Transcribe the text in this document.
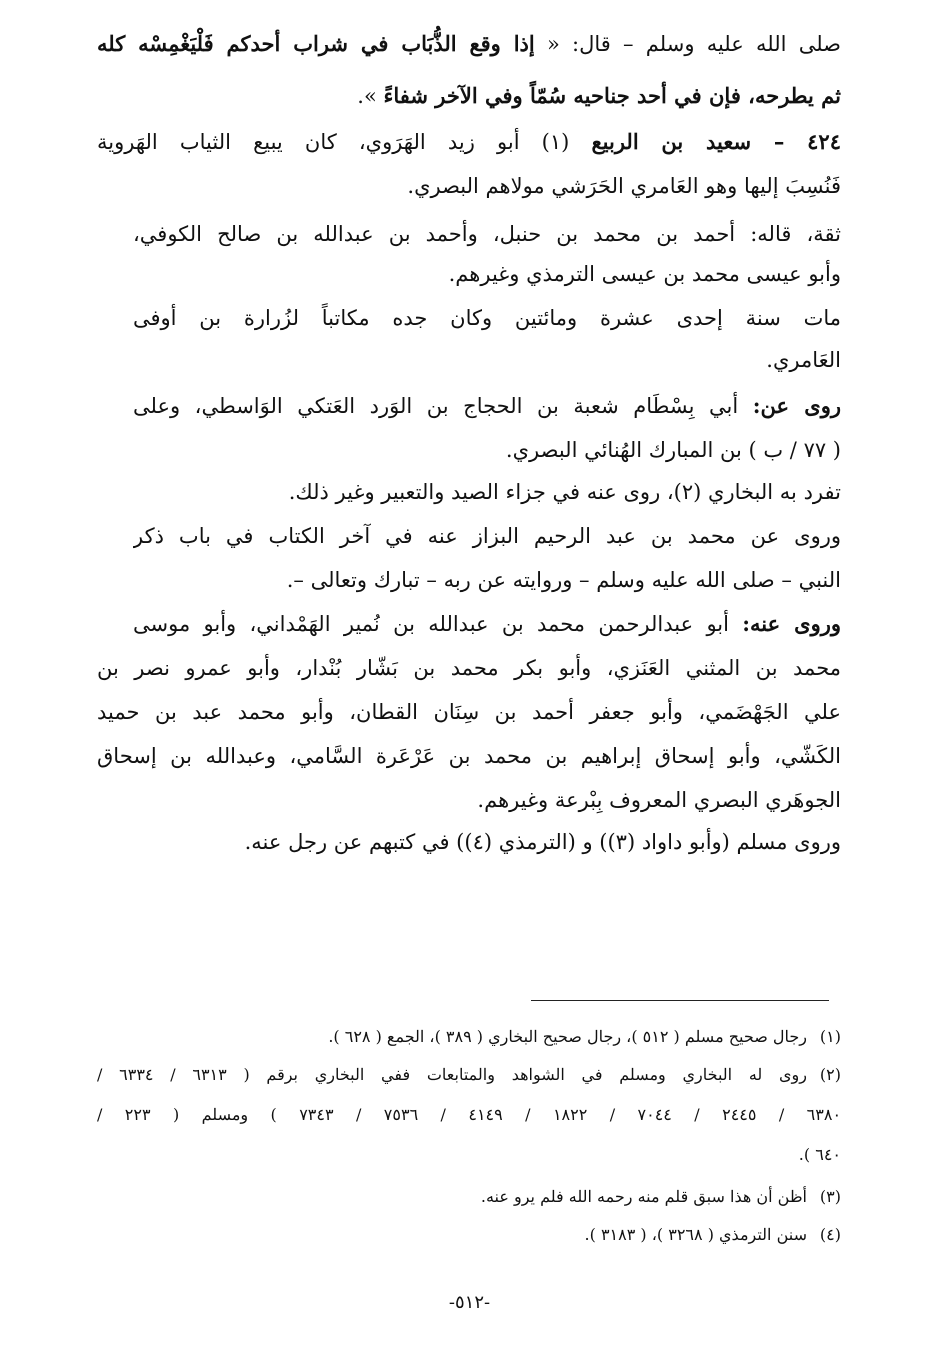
صلى الله عليه وسلم – قال: « إذا وقع الذُّبَاب في شراب أحدكم فَلْيَغْمِسْه كله
ثم يطرحه، فإن في أحد جناحيه سُمّاً وفي الآخر شفاءً ».
٤٢٤ – سعيد بن الربيع (١) أبو زيد الهَرَوي، كان يبيع الثياب الهَروية
فَنُسِبَ إليها وهو العَامري الحَرَشي مولاهم البصري.
ثقة، قاله: أحمد بن محمد بن حنبل، وأحمد بن عبدالله بن صالح الكوفي،
وأبو عيسى محمد بن عيسى الترمذي وغيرهم.
مات سنة إحدى عشرة ومائتين وكان جده مكاتباً لزُرارة بن أوفى
العَامري.
روى عن: أبي بِسْطَام شعبة بن الحجاج بن الوَرد العَتكي الوَاسطي، وعلى
( ٧٧ / ب ) بن المبارك الهُنائي البصري.
تفرد به البخاري (٢)، روى عنه في جزاء الصيد والتعبير وغير ذلك.
وروى عن محمد بن عبد الرحيم البزاز عنه في آخر الكتاب في باب ذكر
النبي – صلى الله عليه وسلم – وروايته عن ربه – تبارك وتعالى –.
وروى عنه: أبو عبدالرحمن محمد بن عبدالله بن نُمير الهَمْداني، وأبو موسى
محمد بن المثني العَنَزي، وأبو بكر محمد بن بَشّار بُنْدار، وأبو عمرو نصر بن
علي الجَهْضَمي، وأبو جعفر أحمد بن سِنَان القطان، وأبو محمد عبد بن حميد
الكَشّي، وأبو إسحاق إبراهيم بن محمد بن عَرْعَرة السَّامي، وعبدالله بن إسحاق
الجوهَري البصري المعروف بِبْرعة وغيرهم.
وروى مسلم (وأبو داواد (٣)) و (الترمذي (٤)) في كتبهم عن رجل عنه.
(١)رجال صحيح مسلم ( ٥١٢ )، رجال صحيح البخاري ( ٣٨٩ )، الجمع ( ٦٢٨ ).
(٢)روى له البخاري ومسلم في الشواهد والمتابعات ففي البخاري برقم ( ٦٣١٣ / ٦٣٣٤ /
٦٣٨٠ / ٢٤٤٥ / ٧٠٤٤ / ١٨٢٢ / ٤١٤٩ / ٧٥٣٦ / ٧٣٤٣ ) ومسلم ( ٢٢٣ /
٦٤٠ ).
(٣)أظن أن هذا سبق قلم منه رحمه الله فلم يرو عنه.
(٤)سنن الترمذي ( ٣٢٦٨ )، ( ٣١٨٣ ).
-٥١٢-
